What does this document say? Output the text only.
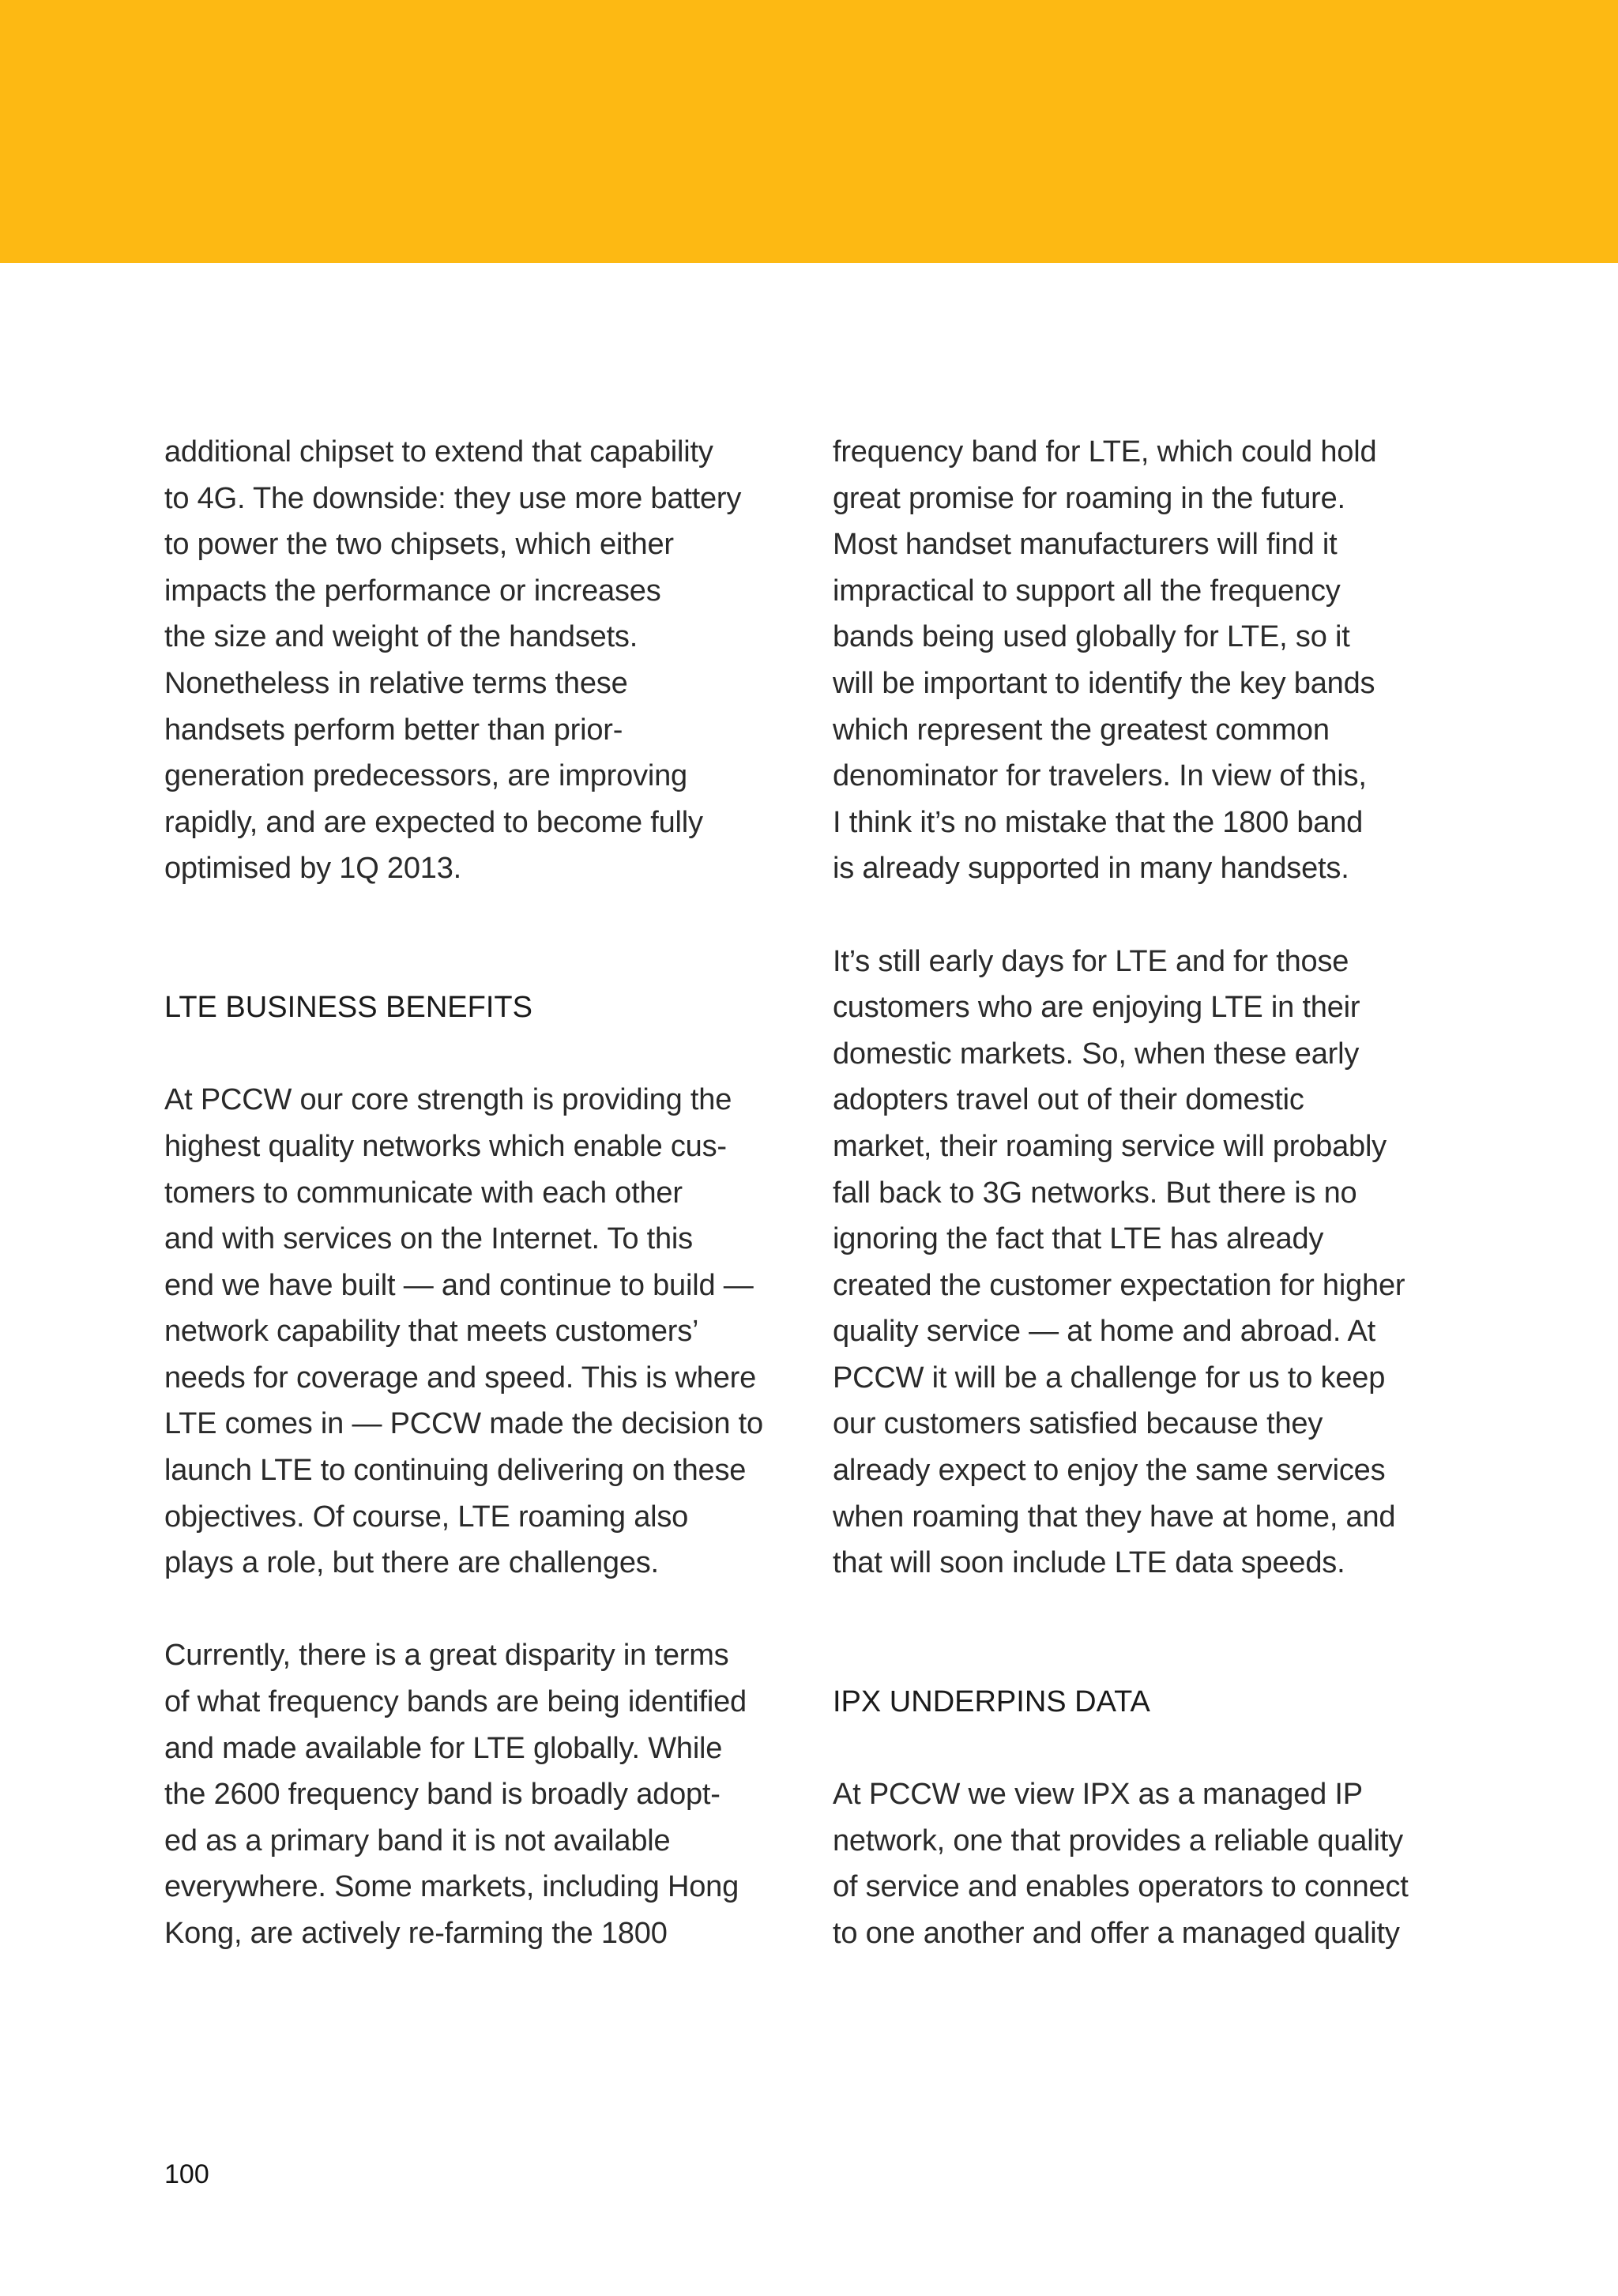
additional chipset to extend that capability
to 4G. The downside: they use more battery
to power the two chipsets, which either
impacts the performance or increases
the size and weight of the handsets.
Nonetheless in relative terms these
handsets perform better than prior-
generation predecessors, are improving
rapidly, and are expected to become fully
optimised by 1Q 2013.
LTE BUSINESS BENEFITS
At PCCW our core strength is providing the
highest quality networks which enable cus-
tomers to communicate with each other
and with services on the Internet. To this
end we have built — and continue to build —
network capability that meets customers’
needs for coverage and speed. This is where
LTE comes in — PCCW made the decision to
launch LTE to continuing delivering on these
objectives. Of course, LTE roaming also
plays a role, but there are challenges.
Currently, there is a great disparity in terms
of what frequency bands are being identified
and made available for LTE globally. While
the 2600 frequency band is broadly adopt-
ed as a primary band it is not available
everywhere. Some markets, including Hong
Kong, are actively re-farming the 1800
frequency band for LTE, which could hold
great promise for roaming in the future.
Most handset manufacturers will find it
impractical to support all the frequency
bands being used globally for LTE, so it
will be important to identify the key bands
which represent the greatest common
denominator for travelers. In view of this,
I think it’s no mistake that the 1800 band
is already supported in many handsets.
It’s still early days for LTE and for those
customers who are enjoying LTE in their
domestic markets. So, when these early
adopters travel out of their domestic
market, their roaming service will probably
fall back to 3G networks. But there is no
ignoring the fact that LTE has already
created the customer expectation for higher
quality service — at home and abroad. At
PCCW it will be a challenge for us to keep
our customers satisfied because they
already expect to enjoy the same services
when roaming that they have at home, and
that will soon include LTE data speeds.
IPX UNDERPINS DATA
At PCCW we view IPX as a managed IP
network, one that provides a reliable quality
of service and enables operators to connect
to one another and offer a managed quality
100
